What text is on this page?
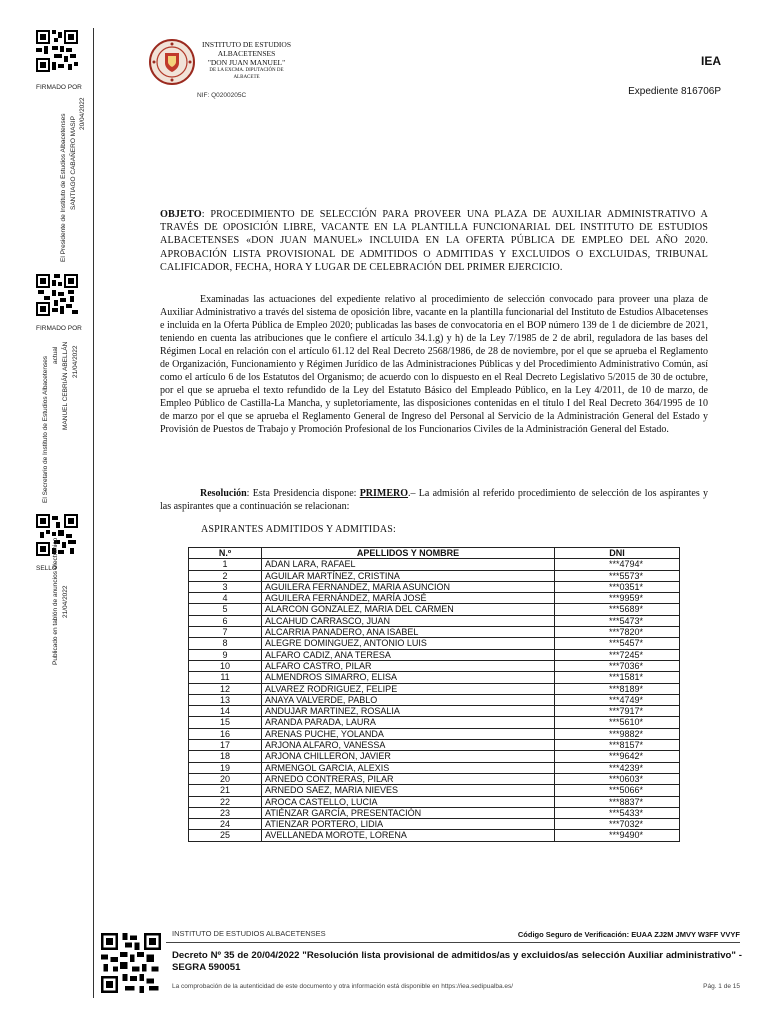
FIRMADO POR
El Presidente de Instituto de Estudios Albacetenses SANTIAGO CABAÑERO MASIP
20/04/2022
FIRMADO POR
El Secretario de Instituto de Estudios Albacetenses
actual MANUEL CEBRIÁN ABELLÁN 21/04/2022
SELLO
Publicado en tablón de anuncios electrónico 21/04/2022
INSTITUTO DE ESTUDIOS
ALBACETENSES
"DON JUAN MANUEL"
DE LA EXCMA. DIPUTACIÓN DE ALBACETE
NIF: Q0200205C
IEA
Expediente 816706P
OBJETO: PROCEDIMIENTO DE SELECCIÓN PARA PROVEER UNA PLAZA DE AUXILIAR ADMINISTRATIVO A TRAVÉS DE OPOSICIÓN LIBRE, VACANTE EN LA PLANTILLA FUNCIONARIAL DEL INSTITUTO DE ESTUDIOS ALBACETENSES «DON JUAN MANUEL» INCLUIDA EN LA OFERTA PÚBLICA DE EMPLEO DEL AÑO 2020. APROBACIÓN LISTA PROVISIONAL DE ADMITIDOS O ADMITIDAS Y EXCLUIDOS O EXCLUIDAS, TRIBUNAL CALIFICADOR, FECHA, HORA Y LUGAR DE CELEBRACIÓN DEL PRIMER EJERCICIO.

Examinadas las actuaciones del expediente relativo al procedimiento de selección convocado para proveer una plaza de Auxiliar Administrativo a través del sistema de oposición libre, vacante en la plantilla funcionarial del Instituto de Estudios Albacetenses e incluida en la Oferta Pública de Empleo 2020; publicadas las bases de convocatoria en el BOP número 139 de 1 de diciembre de 2021, teniendo en cuenta las atribuciones que le confiere el artículo 34.1.g) y h) de la Ley 7/1985 de 2 de abril, reguladora de las bases del Régimen Local en relación con el artículo 61.12 del Real Decreto 2568/1986, de 28 de noviembre, por el que se aprueba el Reglamento de Organización, Funcionamiento y Régimen Jurídico de las Administraciones Públicas y del Procedimiento Administrativo Común, así como el artículo 6 de los Estatutos del Organismo; de acuerdo con lo dispuesto en el Real Decreto Legislativo 5/2015 de 30 de octubre, por el que se aprueba el texto refundido de la Ley del Estatuto Básico del Empleado Público, en la Ley 4/2011, de 10 de marzo, de Empleo Público de Castilla-La Mancha, y supletoriamente, las disposiciones contenidas en el título I del Real Decreto 364/1995 de 10 de marzo por el que se aprueba el Reglamento General de Ingreso del Personal al Servicio de la Administración General del Estado y Provisión de Puestos de Trabajo y Promoción Profesional de los Funcionarios Civiles de la Administración General del Estado.

Resolución: Esta Presidencia dispone: PRIMERO.– La admisión al referido procedimiento de selección de los aspirantes y las aspirantes que a continuación se relacionan:

ASPIRANTES ADMITIDOS Y ADMITIDAS:
N.º	APELLIDOS Y NOMBRE	DNI
1	ADAN LARA, RAFAEL	***4794*
2	AGUILAR MARTÍNEZ, CRISTINA	***5573*
3	AGUILERA FERNANDEZ, MARIA ASUNCION	***0351*
4	AGUILERA FERNÁNDEZ, MARÍA JOSÉ	***9959*
5	ALARCON GONZALEZ, MARIA DEL CARMEN	***5689*
6	ALCAHUD CARRASCO, JUAN	***5473*
7	ALCARRIA PANADERO, ANA ISABEL	***7820*
8	ALEGRE DOMINGUEZ, ANTONIO LUIS	***5457*
9	ALFARO CADIZ, ANA TERESA	***7245*
10	ALFARO CASTRO, PILAR	***7036*
11	ALMENDROS SIMARRO, ELISA	***1581*
12	ALVAREZ RODRIGUEZ, FELIPE	***8189*
13	ANAYA VALVERDE, PABLO	***4749*
14	ANDUJAR MARTINEZ, ROSALIA	***7917*
15	ARANDA PARADA, LAURA	***5610*
16	ARENAS PUCHE, YOLANDA	***9882*
17	ARJONA ALFARO, VANESSA	***8157*
18	ARJONA CHILLERON, JAVIER	***9642*
19	ARMENGOL GARCIA, ALEXIS	***4239*
20	ARNEDO CONTRERAS, PILAR	***0603*
21	ARNEDO SAEZ, MARIA NIEVES	***5066*
22	AROCA CASTELLO, LUCIA	***8837*
23	ATIÉNZAR GARCÍA, PRESENTACIÓN	***5433*
24	ATIENZAR PORTERO, LIDIA	***7032*
25	AVELLANEDA MOROTE, LORENA	***9490*
INSTITUTO DE ESTUDIOS ALBACETENSES	Código Seguro de Verificación: EUAA ZJ2M JMVY W3FF VVYF
Decreto Nº 35 de 20/04/2022 "Resolución lista provisional de admitidos/as y excluidos/as selección Auxiliar administrativo" - SEGRA 590051
La comprobación de la autenticidad de este documento y otra información está disponible en https://iea.sedipualba.es/	Pág. 1 de 15
